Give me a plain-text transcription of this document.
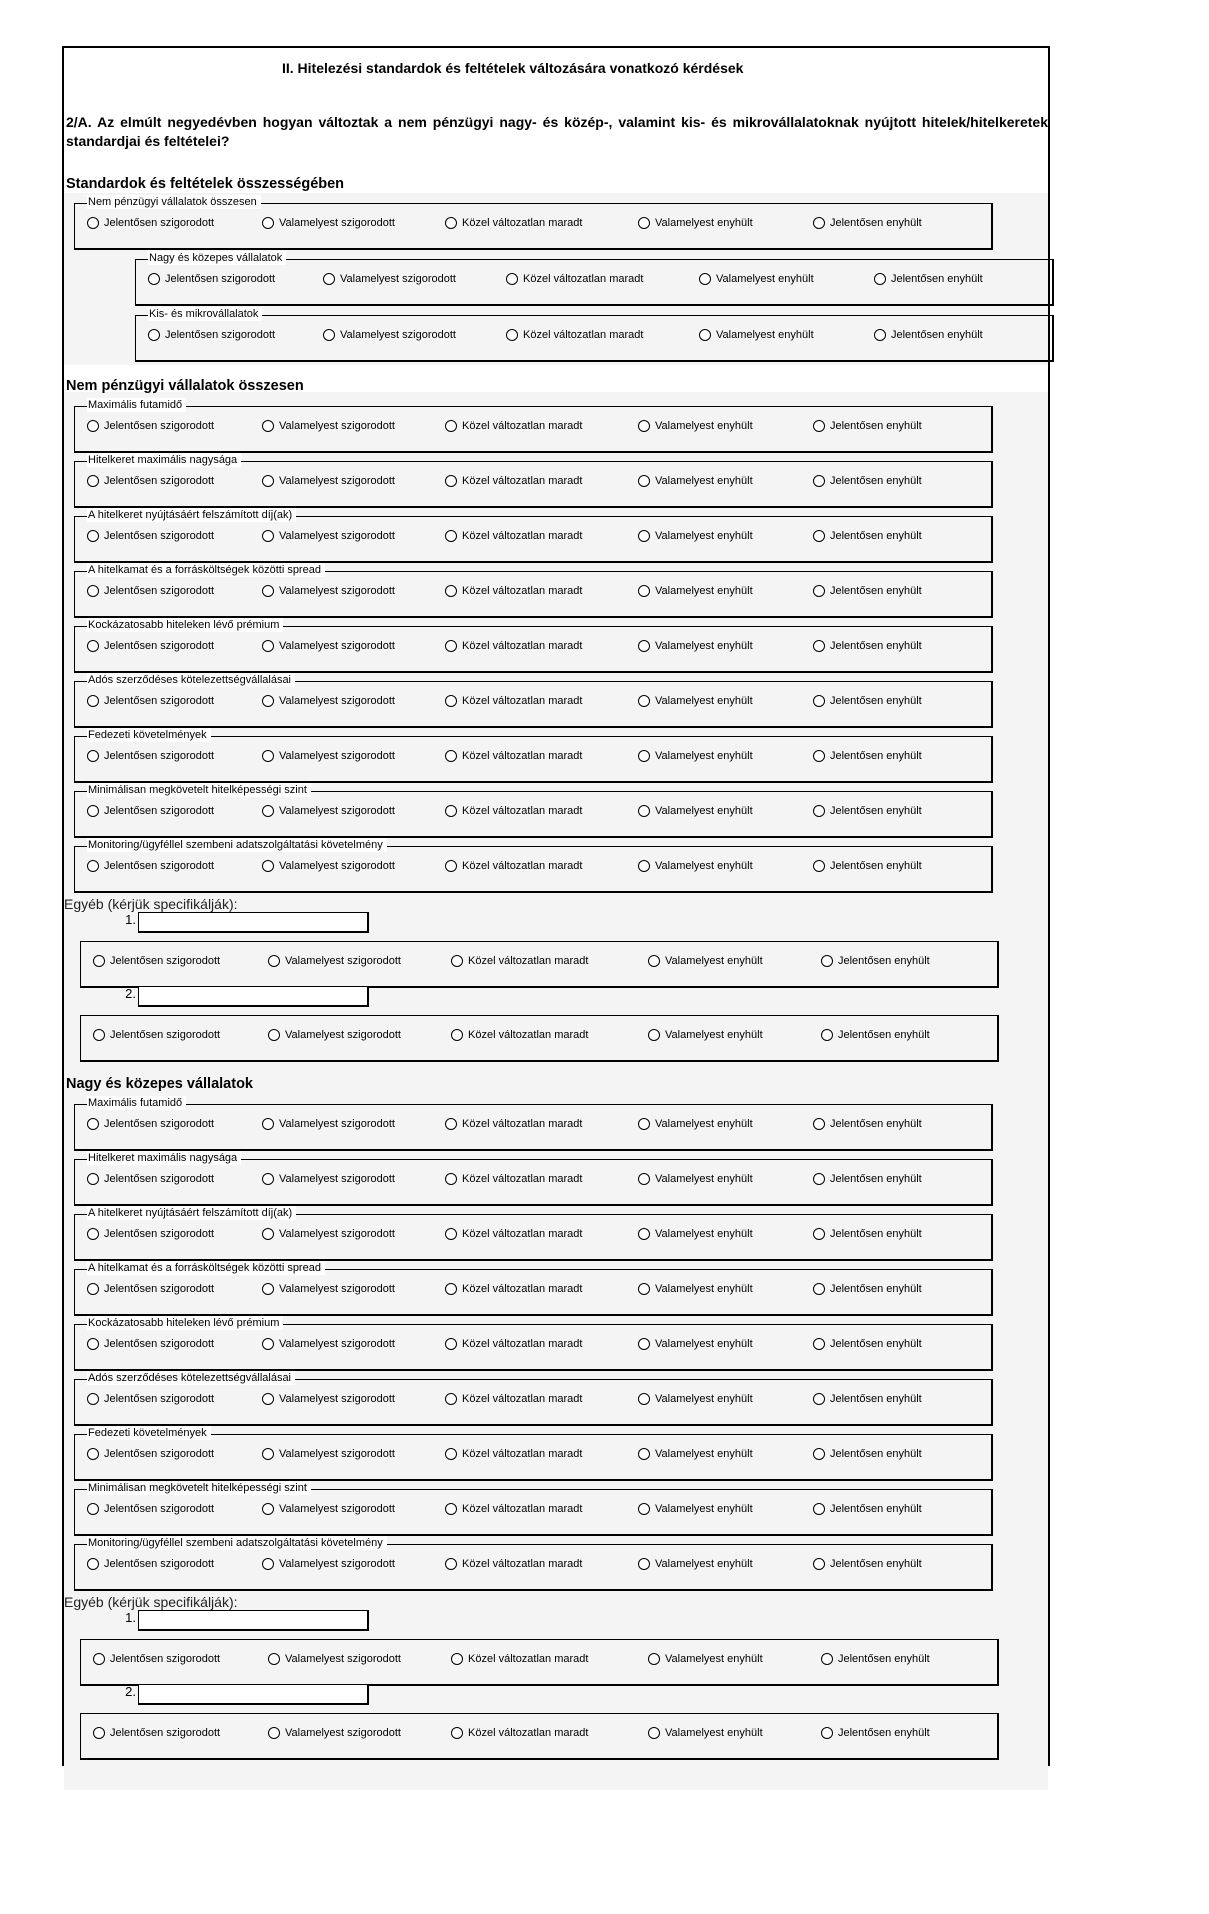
II. Hitelezési standardok és feltételek változására vonatkozó kérdések
2/A. Az elmúlt negyedévben hogyan változtak a nem pénzügyi nagy- és közép-, valamint kis- és mikrovállalatoknak nyújtott hitelek/hitelkeretek standardjai és feltételei?
Standardok és feltételek összességében
Nem pénzügyi vállalatok összesen
Jelentősen szigorodott	Valamelyest szigorodott	Közel változatlan maradt	Valamelyest enyhült	Jelentősen enyhült
Nagy és közepes vállalatok
Jelentősen szigorodott	Valamelyest szigorodott	Közel változatlan maradt	Valamelyest enyhült	Jelentősen enyhült
Kis- és mikrovállalatok
Jelentősen szigorodott	Valamelyest szigorodott	Közel változatlan maradt	Valamelyest enyhült	Jelentősen enyhült
Nem pénzügyi vállalatok összesen
Maximális futamidő
Jelentősen szigorodott	Valamelyest szigorodott	Közel változatlan maradt	Valamelyest enyhült	Jelentősen enyhült
Hitelkeret maximális nagysága
Jelentősen szigorodott	Valamelyest szigorodott	Közel változatlan maradt	Valamelyest enyhült	Jelentősen enyhült
A hitelkeret nyújtásáért felszámított díj(ak)
Jelentősen szigorodott	Valamelyest szigorodott	Közel változatlan maradt	Valamelyest enyhült	Jelentősen enyhült
A hitelkamat és a forrásköltségek közötti spread
Jelentősen szigorodott	Valamelyest szigorodott	Közel változatlan maradt	Valamelyest enyhült	Jelentősen enyhült
Kockázatosabb hiteleken lévő prémium
Jelentősen szigorodott	Valamelyest szigorodott	Közel változatlan maradt	Valamelyest enyhült	Jelentősen enyhült
Adós szerződéses kötelezettségvállalásai
Jelentősen szigorodott	Valamelyest szigorodott	Közel változatlan maradt	Valamelyest enyhült	Jelentősen enyhült
Fedezeti követelmények
Jelentősen szigorodott	Valamelyest szigorodott	Közel változatlan maradt	Valamelyest enyhült	Jelentősen enyhült
Minimálisan megkövetelt hitelképességi szint
Jelentősen szigorodott	Valamelyest szigorodott	Közel változatlan maradt	Valamelyest enyhült	Jelentősen enyhült
Monitoring/ügyféllel szembeni adatszolgáltatási követelmény
Jelentősen szigorodott	Valamelyest szigorodott	Közel változatlan maradt	Valamelyest enyhült	Jelentősen enyhült
Egyéb (kérjük specifikálják):
1.
Jelentősen szigorodott	Valamelyest szigorodott	Közel változatlan maradt	Valamelyest enyhült	Jelentősen enyhült
2.
Jelentősen szigorodott	Valamelyest szigorodott	Közel változatlan maradt	Valamelyest enyhült	Jelentősen enyhült
Nagy és közepes vállalatok
Maximális futamidő
Jelentősen szigorodott	Valamelyest szigorodott	Közel változatlan maradt	Valamelyest enyhült	Jelentősen enyhült
Hitelkeret maximális nagysága
Jelentősen szigorodott	Valamelyest szigorodott	Közel változatlan maradt	Valamelyest enyhült	Jelentősen enyhült
A hitelkeret nyújtásáért felszámított díj(ak)
Jelentősen szigorodott	Valamelyest szigorodott	Közel változatlan maradt	Valamelyest enyhült	Jelentősen enyhült
A hitelkamat és a forrásköltségek közötti spread
Jelentősen szigorodott	Valamelyest szigorodott	Közel változatlan maradt	Valamelyest enyhült	Jelentősen enyhült
Kockázatosabb hiteleken lévő prémium
Jelentősen szigorodott	Valamelyest szigorodott	Közel változatlan maradt	Valamelyest enyhült	Jelentősen enyhült
Adós szerződéses kötelezettségvállalásai
Jelentősen szigorodott	Valamelyest szigorodott	Közel változatlan maradt	Valamelyest enyhült	Jelentősen enyhült
Fedezeti követelmények
Jelentősen szigorodott	Valamelyest szigorodott	Közel változatlan maradt	Valamelyest enyhült	Jelentősen enyhült
Minimálisan megkövetelt hitelképességi szint
Jelentősen szigorodott	Valamelyest szigorodott	Közel változatlan maradt	Valamelyest enyhült	Jelentősen enyhült
Monitoring/ügyféllel szembeni adatszolgáltatási követelmény
Jelentősen szigorodott	Valamelyest szigorodott	Közel változatlan maradt	Valamelyest enyhült	Jelentősen enyhült
Egyéb (kérjük specifikálják):
1.
Jelentősen szigorodott	Valamelyest szigorodott	Közel változatlan maradt	Valamelyest enyhült	Jelentősen enyhült
2.
Jelentősen szigorodott	Valamelyest szigorodott	Közel változatlan maradt	Valamelyest enyhült	Jelentősen enyhült
